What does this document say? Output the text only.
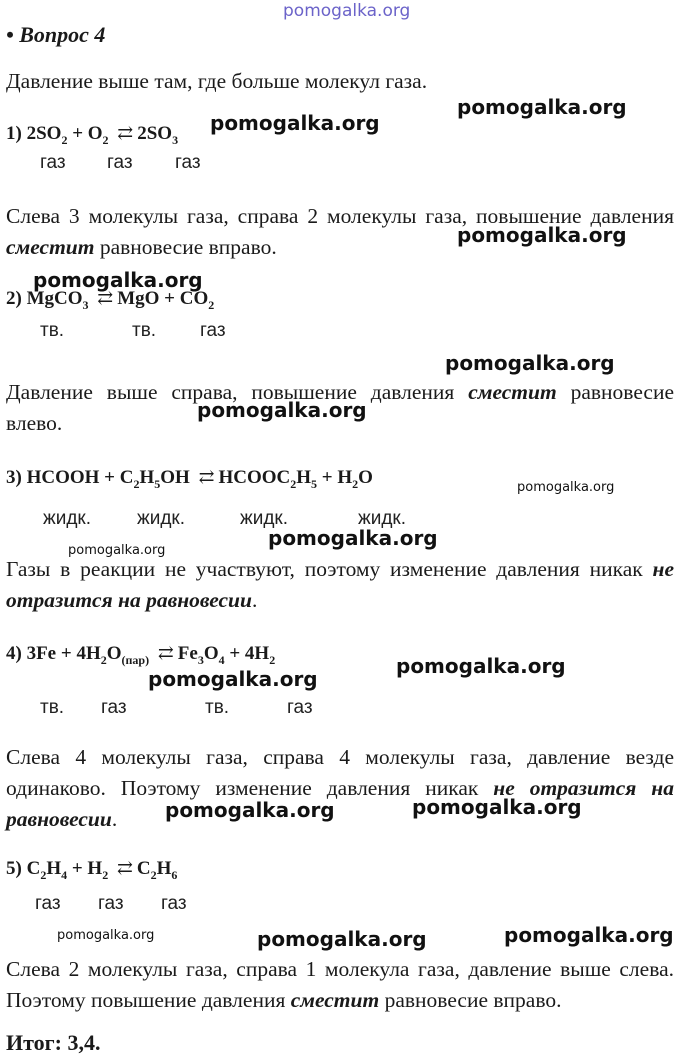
pomogalka.org
• Вопрос 4
Давление выше там, где больше молекул газа.
1) $2SO_2 + O_2$ ⇄ $2SO_3$
газ газ газ
Слева 3 молекулы газа, справа 2 молекулы газа, повышение давления сместит равновесие вправо.
2) MgCO$_3$ ⇄ MgO + $CO_2$
тв.	тв. газ
Давление выше справа, повышение давления сместит равновесие влево.
3) HCOOH + $C_2H_5OH$ ⇄ $HCOOC_2H_5 + H_2O$
жидк. жидк.	жидк.	жидк.
Газы в реакции не участвуют, поэтому изменение давления никак не отразится на равновесии.
4) $3Fe + 4H_2O_{(пар)}$ ⇄ $Fe_3O_4 + 4H_2$
тв. газ	тв.	газ
Слева 4 молекулы газа, справа 4 молекулы газа, давление везде одинаково. Поэтому изменение давления никак не отразится на равновесии.
5) $C_2H_4 + H_2$ ⇄ $C_2H_6$
газ газ газ
Слева 2 молекулы газа, справа 1 молекула газа, давление выше слева. Поэтому повышение давления сместит равновесие вправо.
Итог: 3,4.
pomogalka.org
pomogalka.org
pomogalka.org
pomogalka.org
pomogalka.org
pomogalka.org
pomogalka.org
pomogalka.org
pomogalka.org
pomogalka.org
pomogalka.org
pomogalka.org
pomogalka.org
pomogalka.org	pomogalka.org
pomogalka.org
